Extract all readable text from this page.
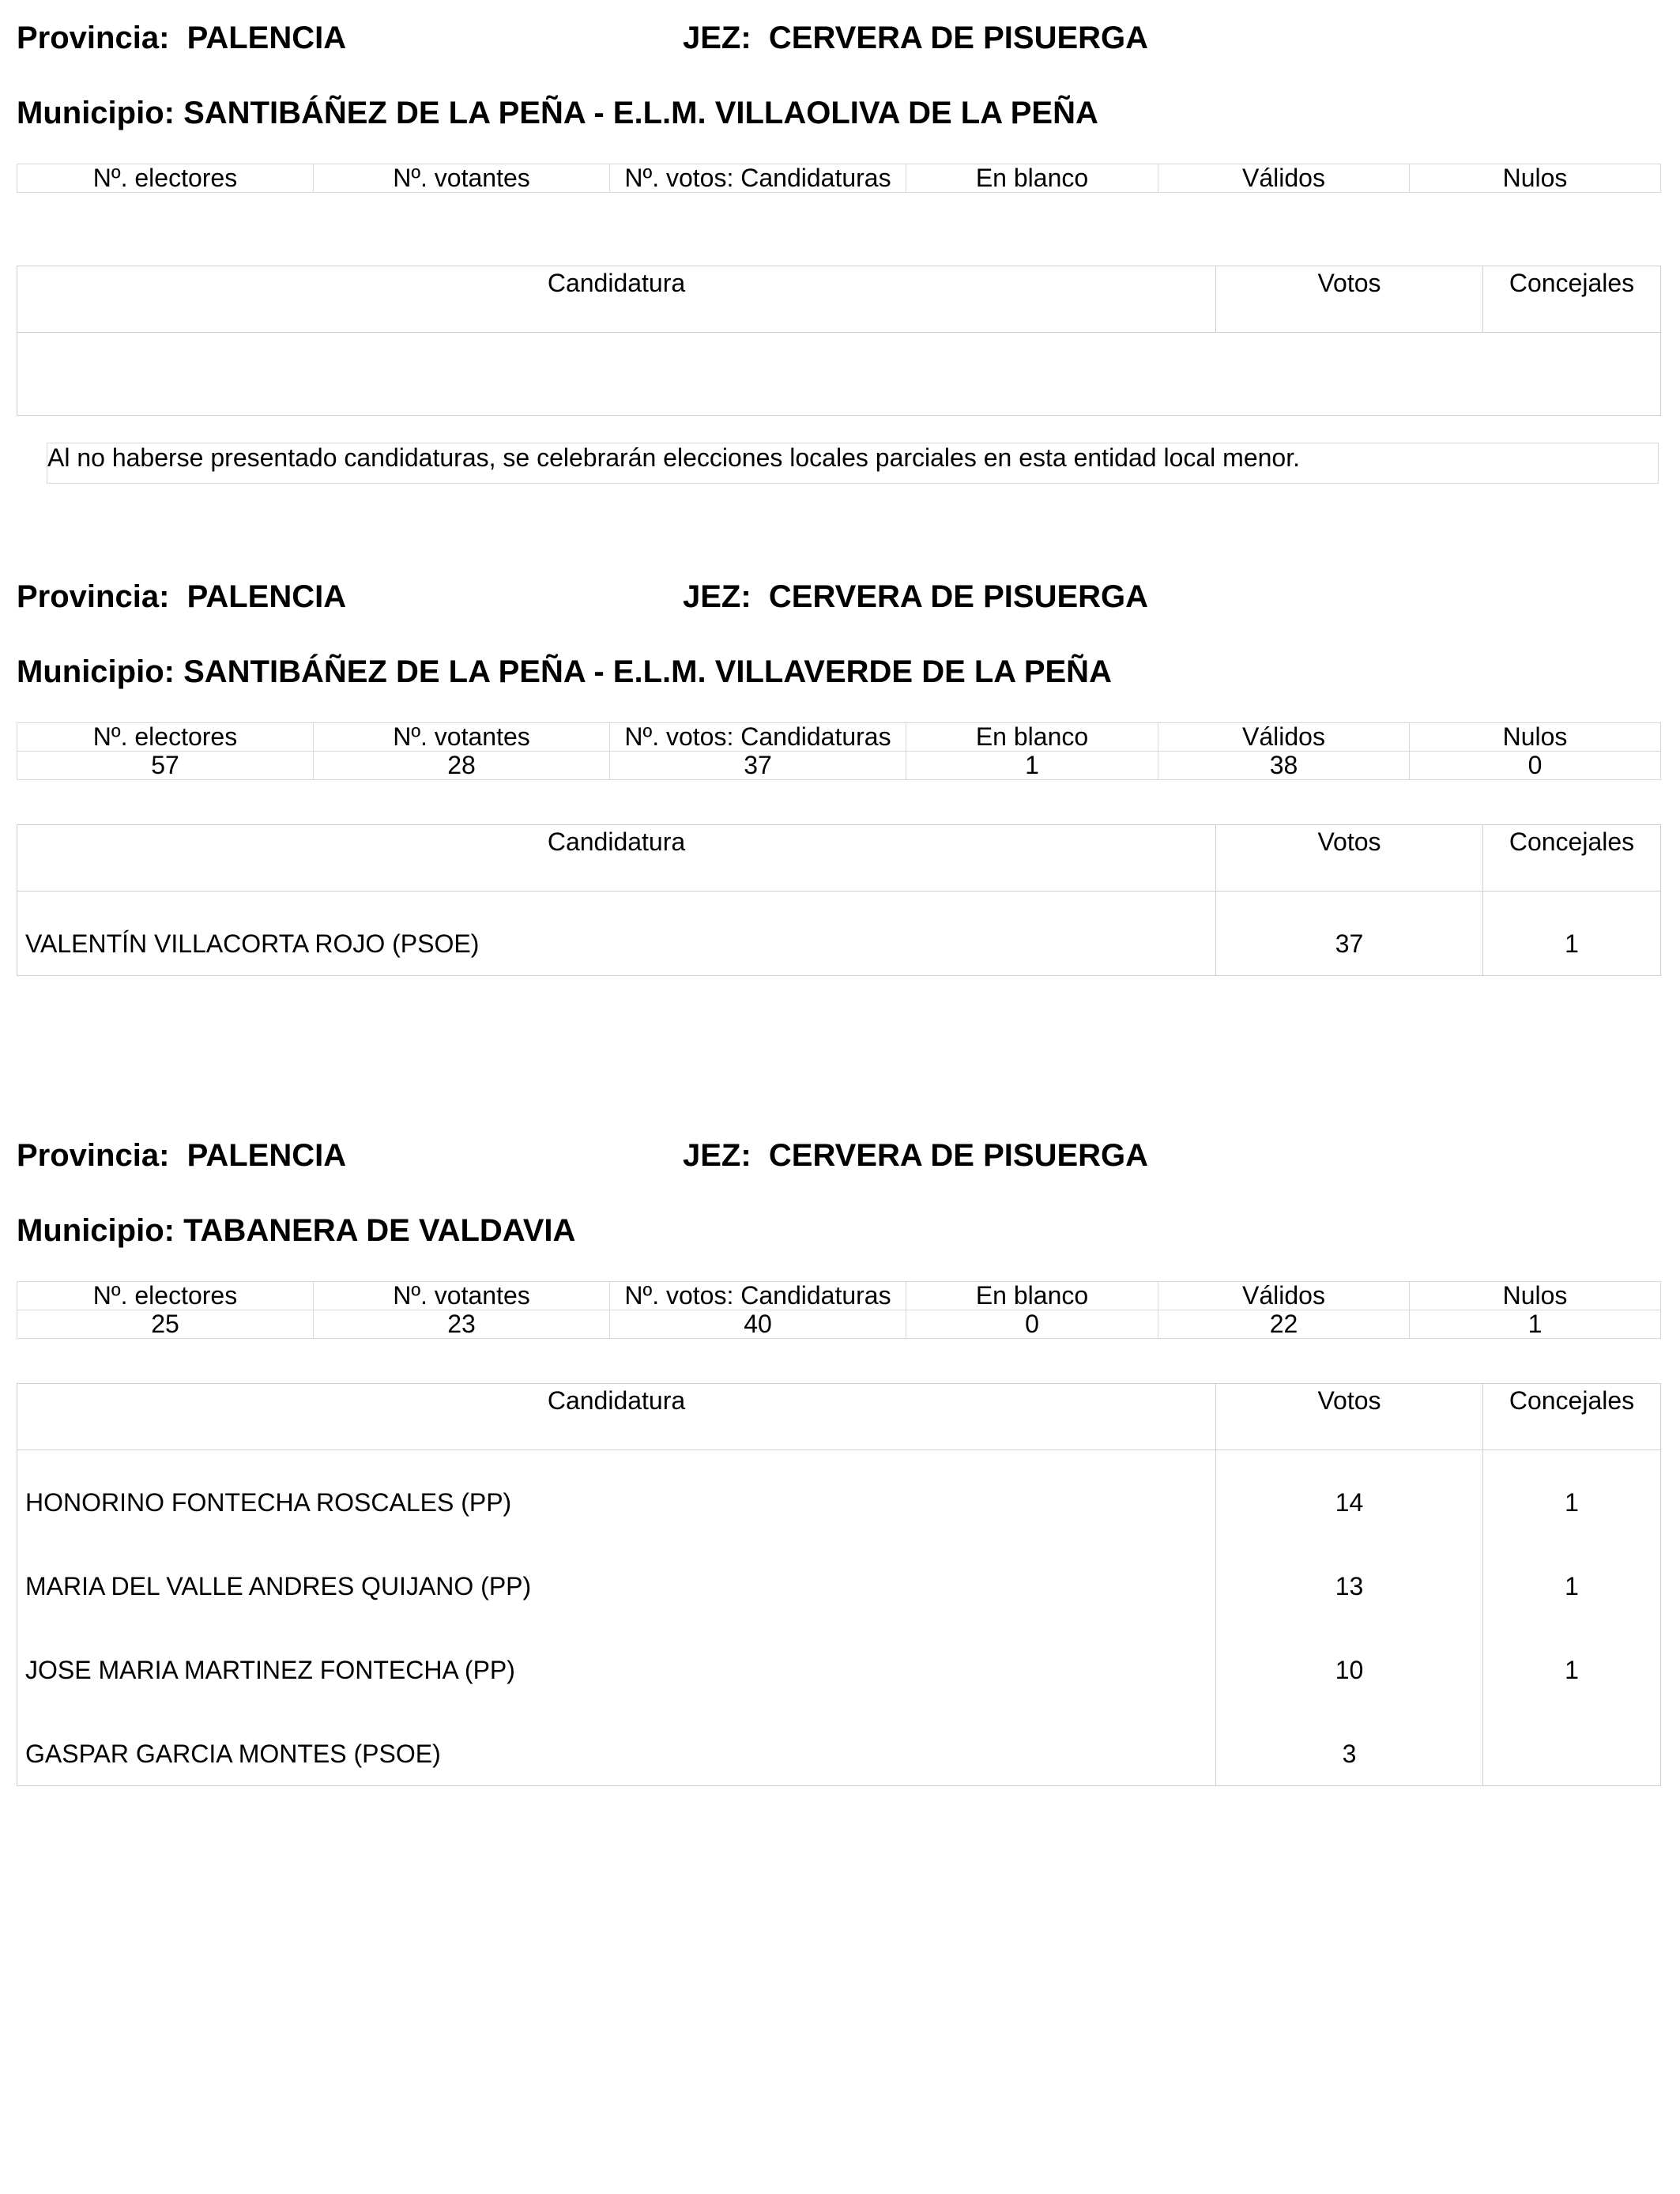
Provincia: PALENCIA	JEZ: CERVERA DE PISUERGA
Municipio: SANTIBÁÑEZ DE LA PEÑA - E.L.M. VILLAOLIVA DE LA PEÑA
Nº. electores	Nº. votantes	Nº. votos: Candidaturas	En blanco	Válidos	Nulos
Candidatura	Votos	Concejales

Al no haberse presentado candidaturas, se celebrarán elecciones locales parciales en esta entidad local menor.
Provincia: PALENCIA	JEZ: CERVERA DE PISUERGA
Municipio: SANTIBÁÑEZ DE LA PEÑA - E.L.M. VILLAVERDE DE LA PEÑA
Nº. electores	Nº. votantes	Nº. votos: Candidaturas	En blanco	Válidos	Nulos
57	28	37	1	38	0
Candidatura	Votos	Concejales
VALENTÍN VILLACORTA ROJO (PSOE)	37	1
Provincia: PALENCIA	JEZ: CERVERA DE PISUERGA
Municipio: TABANERA DE VALDAVIA
Nº. electores	Nº. votantes	Nº. votos: Candidaturas	En blanco	Válidos	Nulos
25	23	40	0	22	1
Candidatura	Votos	Concejales
HONORINO FONTECHA ROSCALES (PP)	14	1
MARIA DEL VALLE ANDRES QUIJANO (PP)	13	1
JOSE MARIA MARTINEZ FONTECHA (PP)	10	1
GASPAR GARCIA MONTES (PSOE)	3	
